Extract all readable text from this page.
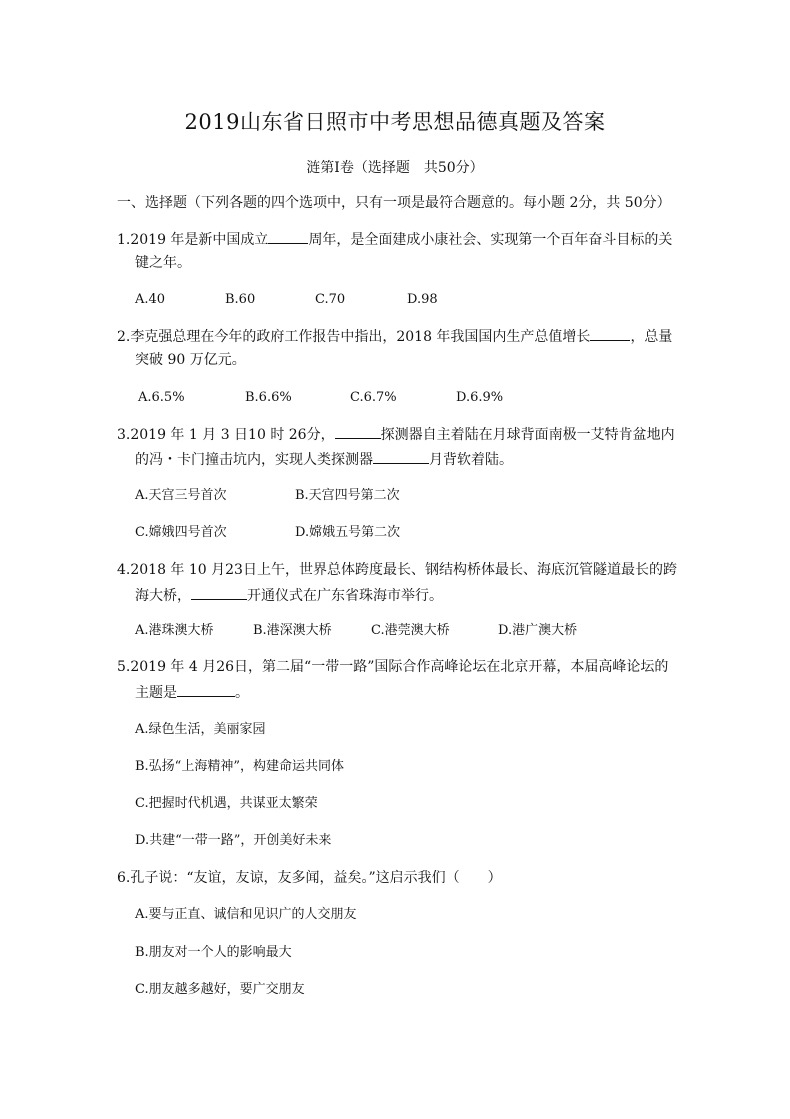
2019山东省日照市中考思想品德真题及答案
涟第Ⅰ卷（选择题　共50分）
一、选择题（下列各题的四个选项中，只有一项是最符合题意的。每小题 2分，共 50分）
1.2019 年是新中国成立	周年，是全面建成小康社会、实现第一个百年奋斗目标的关
键之年。
A.40	B.60	C.70	D.98
2.李克强总理在今年的政府工作报告中指出，2018 年我国国内生产总值增长	，总量
突破 90 万亿元。
A.6.5%	B.6.6%	C.6.7%	D.6.9%
3.2019 年 1 月 3 日10 时 26分，	探测器自主着陆在月球背面南极一艾特肯盆地内
的冯・卡门撞击坑内，实现人类探测器	月背软着陆。
A.天宫三号首次	B.天宫四号第二次
C.嫦娥四号首次	D.嫦娥五号第二次
4.2018 年 10 月23日上午，世界总体跨度最长、钢结构桥体最长、海底沉管隧道最长的跨
海大桥，	开通仪式在广东省珠海市举行。
A.港珠澳大桥	B.港深澳大桥	C.港莞澳大桥	D.港广澳大桥
5.2019 年 4 月26日，第二届“一带一路”国际合作高峰论坛在北京开幕，本届高峰论坛的
主题是	。
A.绿色生活，美丽家园
B.弘扬“上海精神”，构建命运共同体
C.把握时代机遇，共谋亚太繁荣
D.共建“一带一路”，开创美好未来
6.孔子说：“友谊，友谅，友多闻，益矣。”这启示我们（　　）
A.要与正直、诚信和见识广的人交朋友
B.朋友对一个人的影响最大
C.朋友越多越好，要广交朋友
